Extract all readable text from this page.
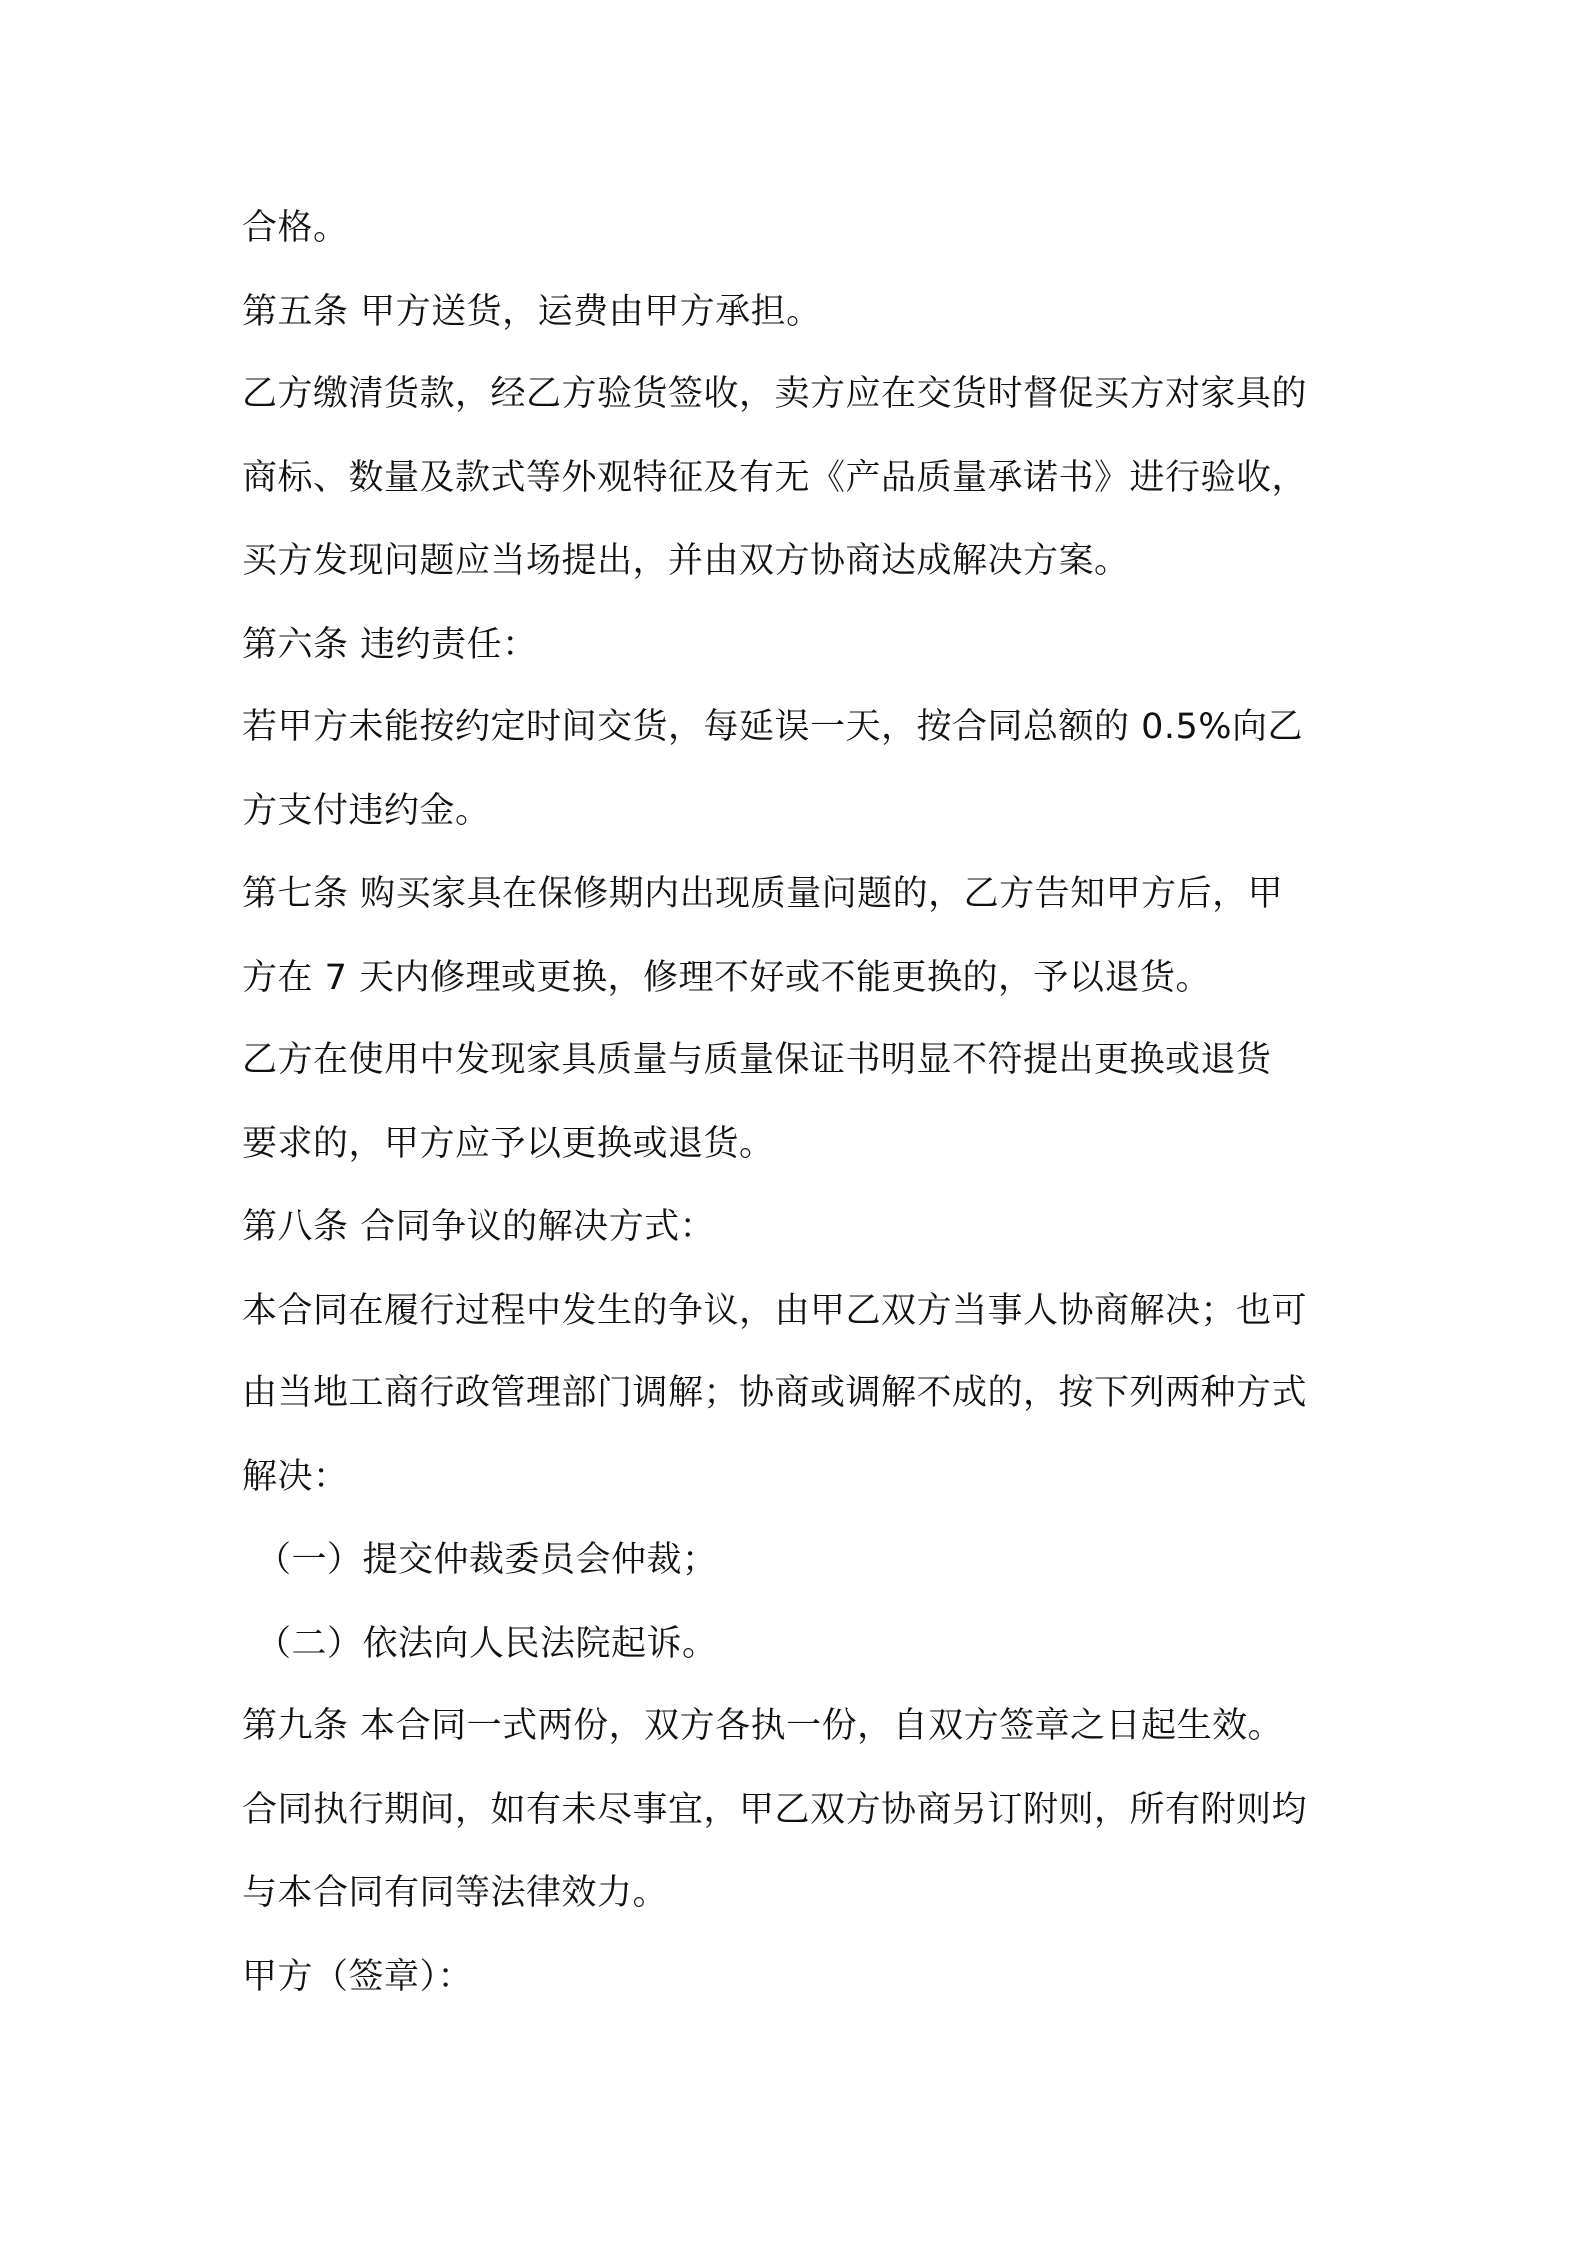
合格。
第五条 甲方送货，运费由甲方承担。
乙方缴清货款，经乙方验货签收，卖方应在交货时督促买方对家具的
商标、数量及款式等外观特征及有无《产品质量承诺书》进行验收，
买方发现问题应当场提出，并由双方协商达成解决方案。
第六条 违约责任：
若甲方未能按约定时间交货，每延误一天，按合同总额的 0.5%向乙
方支付违约金。
第七条 购买家具在保修期内出现质量问题的，乙方告知甲方后，甲
方在 7 天内修理或更换，修理不好或不能更换的，予以退货。
乙方在使用中发现家具质量与质量保证书明显不符提出更换或退货
要求的，甲方应予以更换或退货。
第八条 合同争议的解决方式：
本合同在履行过程中发生的争议，由甲乙双方当事人协商解决；也可
由当地工商行政管理部门调解；协商或调解不成的，按下列两种方式
解决：
（一）提交仲裁委员会仲裁；
（二）依法向人民法院起诉。
第九条 本合同一式两份，双方各执一份，自双方签章之日起生效。
合同执行期间，如有未尽事宜，甲乙双方协商另订附则，所有附则均
与本合同有同等法律效力。
甲方（签章）：
